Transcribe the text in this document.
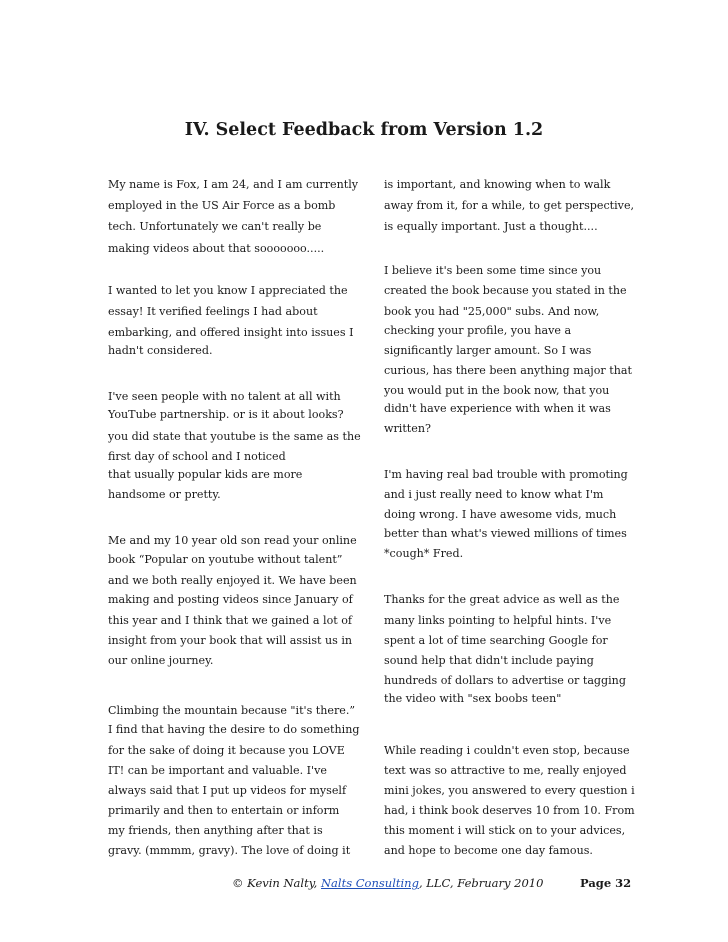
IV. Select Feedback from Version 1.2
My name is Fox, I am 24, and I am currently
employed in the US Air Force as a bomb
tech. Unfortunately we can't really be
making videos about that sooooooo.....
I wanted to let you know I appreciated the
essay! It verified feelings I had about
embarking, and offered insight into issues I
hadn't considered.
I've seen people with no talent at all with
YouTube partnership. or is it about looks?
you did state that youtube is the same as the
first day of school and I noticed
that usually popular kids are more
handsome or pretty.
Me and my 10 year old son read your online
book “Popular on youtube without talent”
and we both really enjoyed it. We have been
making and posting videos since January of
this year and I think that we gained a lot of
insight from your book that will assist us in
our online journey.
Climbing the mountain because "it's there.”
I find that having the desire to do something
for the sake of doing it because you LOVE
IT! can be important and valuable. I've
always said that I put up videos for myself
primarily and then to entertain or inform
my friends, then anything after that is
gravy. (mmmm, gravy). The love of doing it
is important, and knowing when to walk
away from it, for a while, to get perspective,
is equally important. Just a thought....
I believe it's been some time since you
created the book because you stated in the
book you had "25,000" subs. And now,
checking your profile, you have a
significantly larger amount. So I was
curious, has there been anything major that
you would put in the book now, that you
didn't have experience with when it was
written?
I'm having real bad trouble with promoting
and i just really need to know what I'm
doing wrong. I have awesome vids, much
better than what's viewed millions of times
*cough* Fred.
Thanks for the great advice as well as the
many links pointing to helpful hints. I've
spent a lot of time searching Google for
sound help that didn't include paying
hundreds of dollars to advertise or tagging
the video with "sex boobs teen"
While reading i couldn't even stop, because
text was so attractive to me, really enjoyed
mini jokes, you answered to every question i
had, i think book deserves 10 from 10. From
this moment i will stick on to your advices,
and hope to become one day famous.
© Kevin Nalty, Nalts Consulting, LLC, February 2010	Page 32
